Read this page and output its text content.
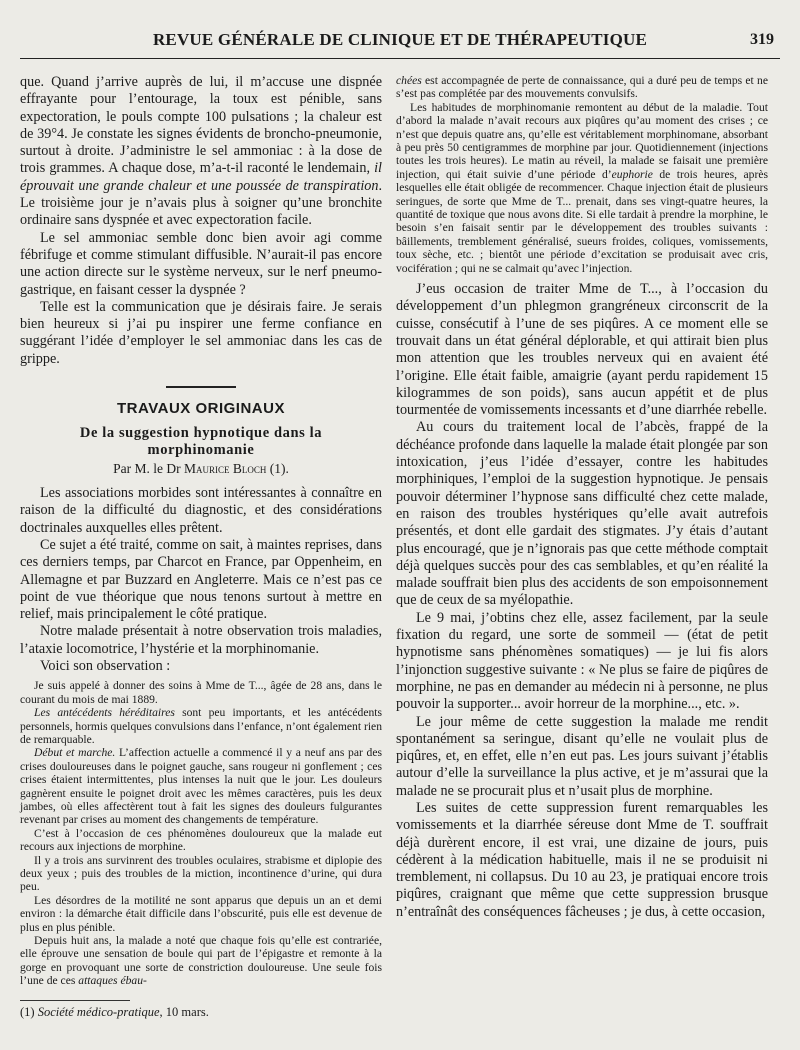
REVUE GÉNÉRALE DE CLINIQUE ET DE THÉRAPEUTIQUE	319

que. Quand j’arrive auprès de lui, il m’accuse une dispnée effrayante pour l’entourage, la toux est pénible, sans expectoration, le pouls compte 100 pulsations ; la chaleur est de 39°4. Je constate les signes évidents de broncho-pneumonie, surtout à droite. J’administre le sel ammoniac : à la dose de trois grammes. A chaque dose, m’a-t-il raconté le lendemain, il éprouvait une grande chaleur et une poussée de transpiration. Le troisième jour je n’avais plus à soigner qu’une bronchite ordinaire sans dyspnée et avec expectoration facile.

Le sel ammoniac semble donc bien avoir agi comme fébrifuge et comme stimulant diffusible. N’aurait-il pas encore une action directe sur le système nerveux, sur le nerf pneumo-gastrique, en faisant cesser la dyspnée ?

Telle est la communication que je désirais faire. Je serais bien heureux si j’ai pu inspirer une ferme confiance en suggérant l’idée d’employer le sel ammoniac dans les cas de grippe.

TRAVAUX ORIGINAUX
De la suggestion hypnotique dans la morphinomanie
Par M. le Dr Maurice Bloch (1).

Les associations morbides sont intéressantes à connaître en raison de la difficulté du diagnostic, et des considérations doctrinales auxquelles elles prêtent.

Ce sujet a été traité, comme on sait, à maintes reprises, dans ces derniers temps, par Charcot en France, par Oppenheim, en Allemagne et par Buzzard en Angleterre. Mais ce n’est pas ce point de vue théorique que nous tenons surtout à mettre en relief, mais principalement le côté pratique.

Notre malade présentait à notre observation trois maladies, l’ataxie locomotrice, l’hystérie et la morphinomanie.

Voici son observation :

Je suis appelé à donner des soins à Mme de T..., âgée de 28 ans, dans le courant du mois de mai 1889.

Les antécédents héréditaires sont peu importants, et les antécédents personnels, hormis quelques convulsions dans l’enfance, n’ont également rien de remarquable.

Début et marche. L’affection actuelle a commencé il y a neuf ans par des crises douloureuses dans le poignet gauche, sans rougeur ni gonflement ; ces crises étaient intermittentes, plus intenses la nuit que le jour. Les douleurs gagnèrent ensuite le poignet droit avec les mêmes caractères, puis les deux jambes, où elles affectèrent tout à fait les signes des douleurs fulgurantes revenant par crises au moment des changements de température.

C’est à l’occasion de ces phénomènes douloureux que la malade eut recours aux injections de morphine.

Il y a trois ans survinrent des troubles oculaires, strabisme et diplopie des deux yeux ; puis des troubles de la miction, incontinence d’urine, qui dura peu.

Les désordres de la motilité ne sont apparus que depuis un an et demi environ : la démarche était difficile dans l’obscurité, puis elle est devenue de plus en plus pénible.

Depuis huit ans, la malade a noté que chaque fois qu’elle est contrariée, elle éprouve une sensation de boule qui part de l’épigastre et remonte à la gorge en provoquant une sorte de constriction douloureuse. Une seule fois l’une de ces attaques ébau-

chées est accompagnée de perte de connaissance, qui a duré peu de temps et ne s’est pas complétée par des mouvements convulsifs.

Les habitudes de morphinomanie remontent au début de la maladie. Tout d’abord la malade n’avait recours aux piqûres qu’au moment des crises ; ce n’est que depuis quatre ans, qu’elle est véritablement morphinomane, absorbant à peu près 50 centigrammes de morphine par jour. Quotidiennement (injections toutes les trois heures). Le matin au réveil, la malade se faisait une première injection, qui était suivie d’une période d’euphorie de trois heures, après lesquelles elle était obligée de recommencer. Chaque injection était de plusieurs seringues, de sorte que Mme de T... prenait, dans ses vingt-quatre heures, la quantité de toxique que nous avons dite. Si elle tardait à prendre la morphine, le besoin s’en faisait sentir par le développement des troubles suivants : bâillements, tremblement généralisé, sueurs froides, coliques, vomissements, toux sèche, etc. ; bientôt une période d’excitation se produisait avec cris, vocifération ; qui ne se calmait qu’avec l’injection.

J’eus occasion de traiter Mme de T..., à l’occasion du développement d’un phlegmon grangréneux circonscrit de la cuisse, consécutif à l’une de ses piqûres. A ce moment elle se trouvait dans un état général déplorable, et qui attirait bien plus mon attention que les troubles nerveux qui en avaient été l’origine. Elle était faible, amaigrie (ayant perdu rapidement 15 kilogrammes de son poids), sans aucun appétit et de plus tourmentée de vomissements incessants et d’une diarrhée rebelle.

Au cours du traitement local de l’abcès, frappé de la déchéance profonde dans laquelle la malade était plongée par son intoxication, j’eus l’idée d’essayer, contre les habitudes morphiniques, l’emploi de la suggestion hypnotique. Je pensais pouvoir déterminer l’hypnose sans difficulté chez cette malade, en raison des troubles hystériques qu’elle avait autrefois présentés, et dont elle gardait des stigmates. J’y étais d’autant plus encouragé, que je n’ignorais pas que cette méthode comptait déjà quelques succès pour des cas semblables, et qu’en réalité la malade souffrait bien plus des accidents de son empoisonnement que de ceux de sa myélopathie.

Le 9 mai, j’obtins chez elle, assez facilement, par la seule fixation du regard, une sorte de sommeil — (état de petit hypnotisme sans phénomènes somatiques) — je lui fis alors l’injonction suggestive suivante : « Ne plus se faire de piqûres de morphine, ne pas en demander au médecin ni à personne, ne plus pouvoir la supporter... avoir horreur de la morphine..., etc. ».

Le jour même de cette suggestion la malade me rendit spontanément sa seringue, disant qu’elle ne voulait plus de piqûres, et, en effet, elle n’en eut pas. Les jours suivant j’établis autour d’elle la surveillance la plus active, et je m’assurai que la malade ne se procurait plus et n’usait plus de morphine.

Les suites de cette suppression furent remarquables les vomissements et la diarrhée séreuse dont Mme de T. souffrait déjà durèrent encore, il est vrai, une dizaine de jours, puis cédèrent à la médication habituelle, mais il ne se produisit ni tremblement, ni collapsus. Du 10 au 23, je pratiquai encore trois piqûres, craignant que même que cette suppression brusque n’entraînât des conséquences fâcheuses ; je dus, à cette occasion,

(1) Société médico-pratique, 10 mars.
